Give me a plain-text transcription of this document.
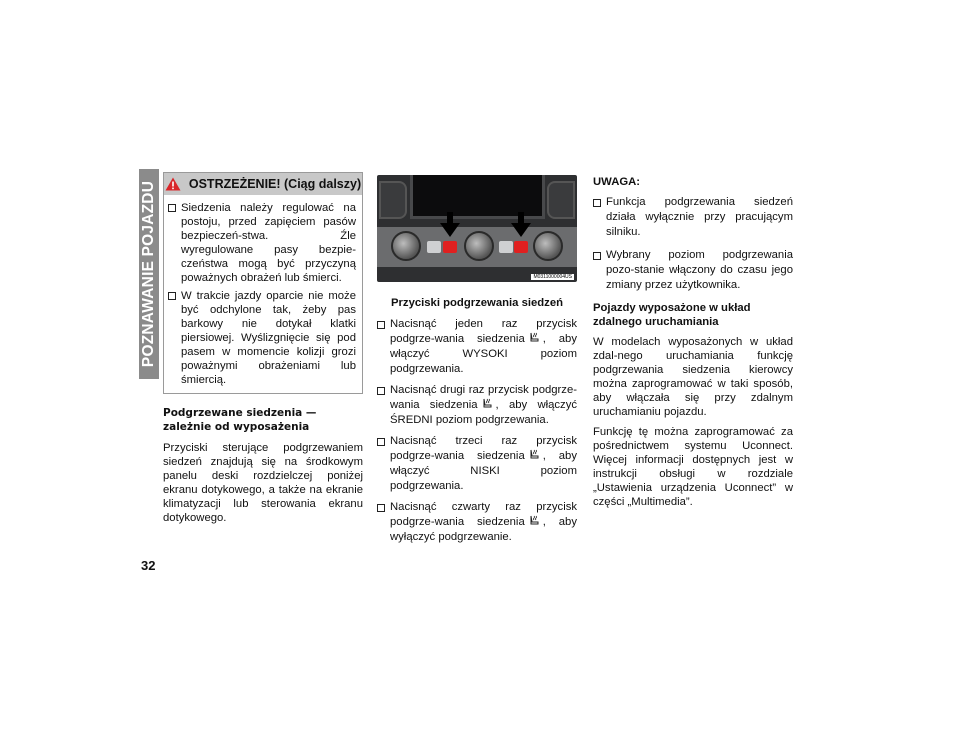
POZNAWANIE POJAZDU	OSTRZEŻENIE! (Ciąg dalszy)
Siedzenia należy regulować na postoju, przed zapięciem pasów bezpieczeń-stwa. Źle wyregulowane pasy bezpie-czeństwa mogą być przyczyną poważnych obrażeń lub śmierci.
W trakcie jazdy oparcie nie może być odchylone tak, żeby pas barkowy nie dotykał klatki piersiowej. Wyślizgnięcie się pod pasem w momencie kolizji grozi poważnymi obrażeniami lub śmiercią.
Podgrzewane siedzenia — zależnie od wyposażenia
Przyciski sterujące podgrzewaniem siedzeń znajdują się na środkowym panelu deski rozdzielczej poniżej ekranu dotykowego, a także na ekranie klimatyzacji lub sterowania ekranu dotykowego.
M0311000004US
Przyciski podgrzewania siedzeń
Nacisnąć jeden raz przycisk podgrze-wania siedzenia , aby włączyć WYSOKI poziom podgrzewania.
Nacisnąć drugi raz przycisk podgrze-wania siedzenia , aby włączyć ŚREDNI poziom podgrzewania.
Nacisnąć trzeci raz przycisk podgrze-wania siedzenia , aby włączyć NISKI poziom podgrzewania.
Nacisnąć czwarty raz przycisk podgrze-wania siedzenia , aby wyłączyć podgrzewanie.
UWAGA:
Funkcja podgrzewania siedzeń działa wyłącznie przy pracującym silniku.
Wybrany poziom podgrzewania pozo-stanie włączony do czasu jego zmiany przez użytkownika.
Pojazdy wyposażone w układ zdalnego uruchamiania
W modelach wyposażonych w układ zdal-nego uruchamiania funkcję podgrzewania siedzenia kierowcy można zaprogramować w taki sposób, aby włączała się przy zdalnym uruchamianiu pojazdu.
Funkcję tę można zaprogramować za pośrednictwem systemu Uconnect. Więcej informacji dostępnych jest w instrukcji obsługi w rozdziale „Ustawienia urządzenia Uconnect” w części „Multimedia”.
32
